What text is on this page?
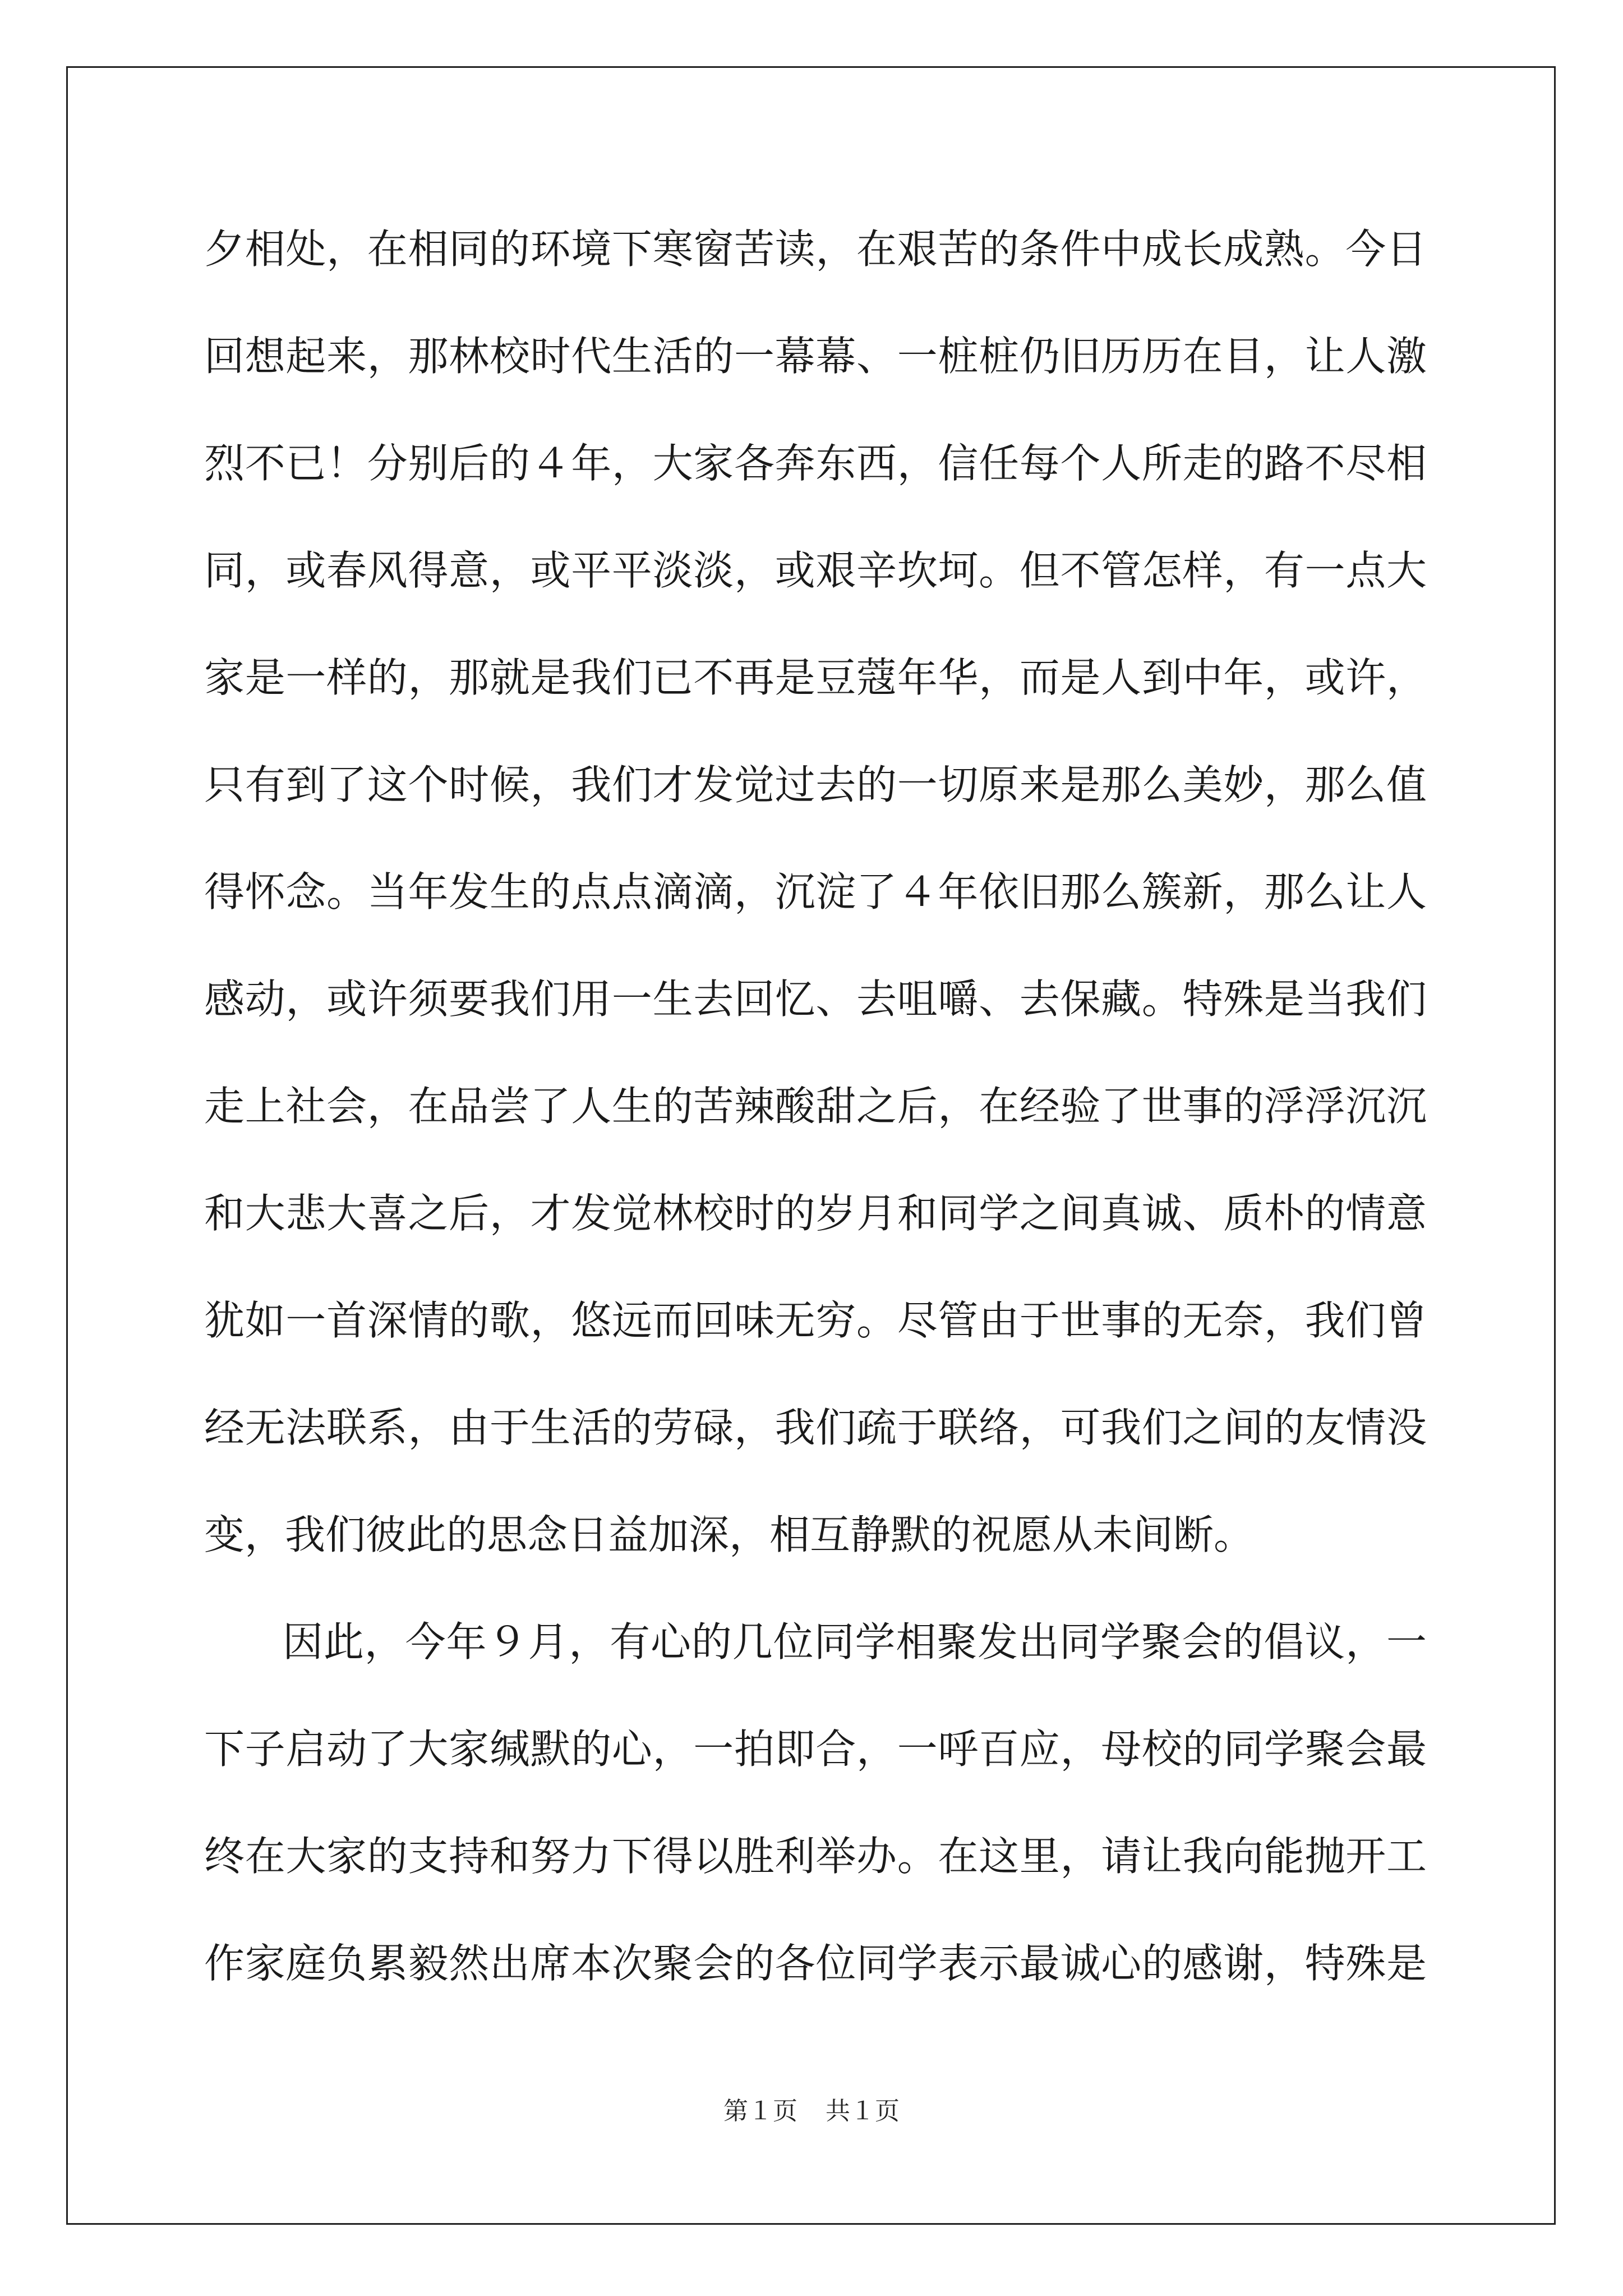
夕相处，在相同的环境下寒窗苦读，在艰苦的条件中成长成熟。今日
回想起来，那林校时代生活的一幕幕、一桩桩仍旧历历在目，让人激
烈不已！分别后的４年，大家各奔东西，信任每个人所走的路不尽相
同，或春风得意，或平平淡淡，或艰辛坎坷。但不管怎样，有一点大
家是一样的，那就是我们已不再是豆蔻年华，而是人到中年，或许，
只有到了这个时候，我们才发觉过去的一切原来是那么美妙，那么值
得怀念。当年发生的点点滴滴，沉淀了４年依旧那么簇新，那么让人
感动，或许须要我们用一生去回忆、去咀嚼、去保藏。特殊是当我们
走上社会，在品尝了人生的苦辣酸甜之后，在经验了世事的浮浮沉沉
和大悲大喜之后，才发觉林校时的岁月和同学之间真诚、质朴的情意
犹如一首深情的歌，悠远而回味无穷。尽管由于世事的无奈，我们曾
经无法联系，由于生活的劳碌，我们疏于联络，可我们之间的友情没
变，我们彼此的思念日益加深，相互静默的祝愿从未间断。
因此，今年９月，有心的几位同学相聚发出同学聚会的倡议，一
下子启动了大家缄默的心，一拍即合，一呼百应，母校的同学聚会最
终在大家的支持和努力下得以胜利举办。在这里，请让我向能抛开工
作家庭负累毅然出席本次聚会的各位同学表示最诚心的感谢，特殊是
第１页 共１页
